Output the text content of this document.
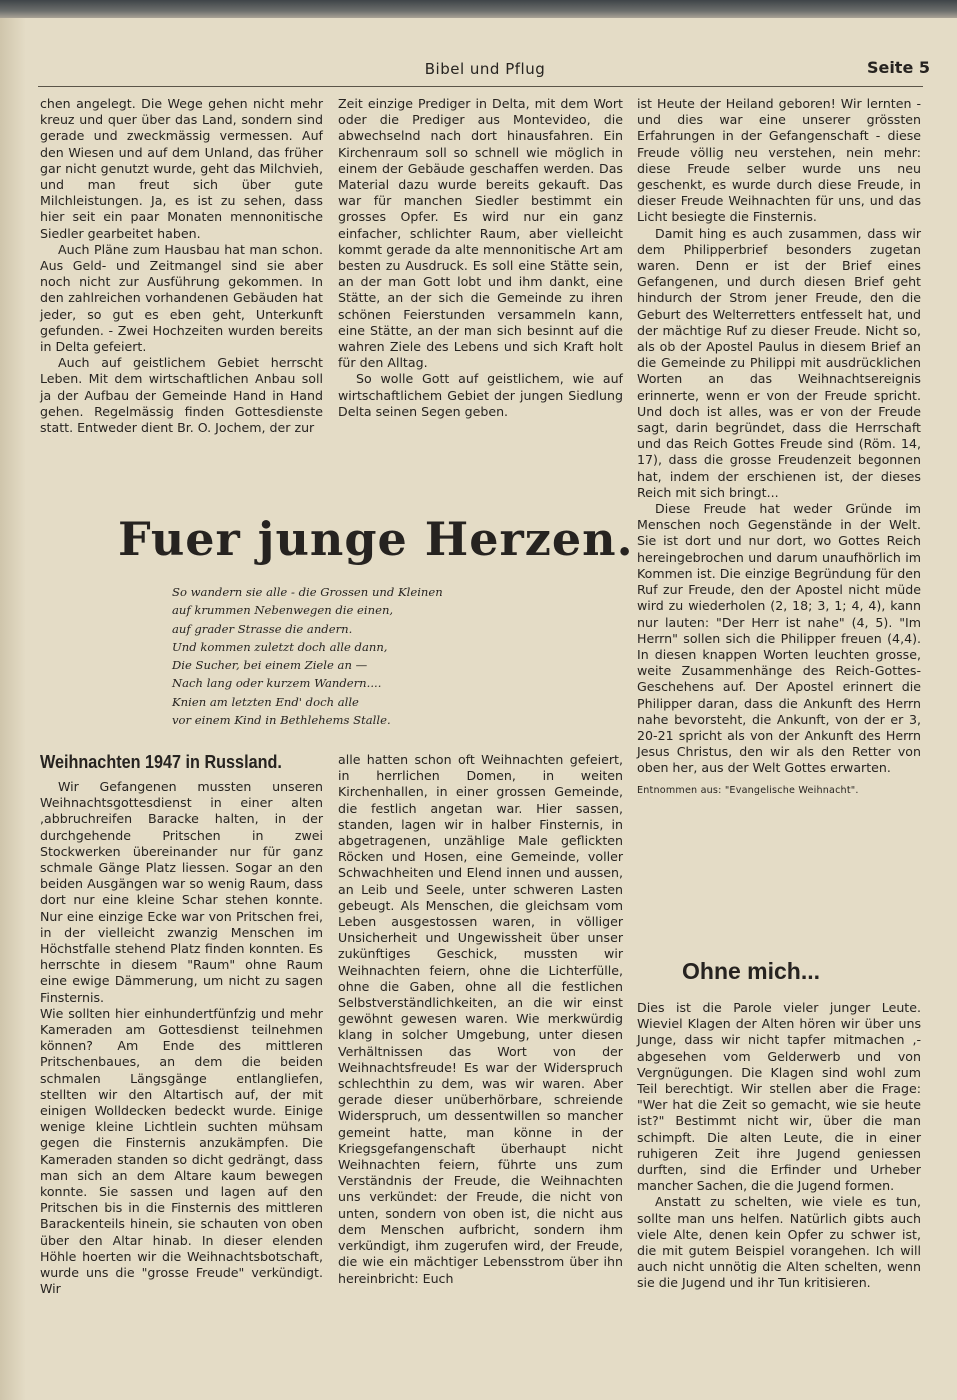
Bibel und Pflug	Seite 5

chen angelegt. Die Wege gehen nicht mehr kreuz und quer über das Land, sondern sind gerade und zweckmässig vermessen. Auf den Wiesen und auf dem Unland, das früher gar nicht genutzt wurde, geht das Milchvieh, und man freut sich über gute Milchleistungen. Ja, es ist zu sehen, dass hier seit ein paar Monaten mennonitische Siedler gearbeitet haben.

Auch Pläne zum Hausbau hat man schon. Aus Geld- und Zeitmangel sind sie aber noch nicht zur Ausführung gekommen. In den zahlreichen vorhandenen Gebäuden hat jeder, so gut es eben geht, Unterkunft gefunden. - Zwei Hochzeiten wurden bereits in Delta gefeiert.

Auch auf geistlichem Gebiet herrscht Leben. Mit dem wirtschaftlichen Anbau soll ja der Aufbau der Gemeinde Hand in Hand gehen. Regelmässig finden Gottesdienste statt. Entweder dient Br. O. Jochem, der zur

Zeit einzige Prediger in Delta, mit dem Wort oder die Prediger aus Montevideo, die abwechselnd nach dort hinausfahren. Ein Kirchenraum soll so schnell wie möglich in einem der Gebäude geschaffen werden. Das Material dazu wurde bereits gekauft. Das war für manchen Siedler bestimmt ein grosses Opfer. Es wird nur ein ganz einfacher, schlichter Raum, aber vielleicht kommt gerade da alte mennonitische Art am besten zu Ausdruck. Es soll eine Stätte sein, an der man Gott lobt und ihm dankt, eine Stätte, an der sich die Gemeinde zu ihren schönen Feierstunden versammeln kann, eine Stätte, an der man sich besinnt auf die wahren Ziele des Lebens und sich Kraft holt für den Alltag.

So wolle Gott auf geistlichem, wie auf wirtschaftlichem Gebiet der jungen Siedlung Delta seinen Segen geben.

ist Heute der Heiland geboren! Wir lernten - und dies war eine unserer grössten Erfahrungen in der Gefangenschaft - diese Freude völlig neu verstehen, nein mehr: diese Freude selber wurde uns neu geschenkt, es wurde durch diese Freude, in dieser Freude Weihnachten für uns, und das Licht besiegte die Finsternis.

Damit hing es auch zusammen, dass wir dem Philipperbrief besonders zugetan waren. Denn er ist der Brief eines Gefangenen, und durch diesen Brief geht hindurch der Strom jener Freude, den die Geburt des Welterretters entfesselt hat, und der mächtige Ruf zu dieser Freude. Nicht so, als ob der Apostel Paulus in diesem Brief an die Gemeinde zu Philippi mit ausdrücklichen Worten an das Weihnachtsereignis erinnerte, wenn er von der Freude spricht. Und doch ist alles, was er von der Freude sagt, darin begründet, dass die Herrschaft und das Reich Gottes Freude sind (Röm. 14, 17), dass die grosse Freudenzeit begonnen hat, indem der erschienen ist, der dieses Reich mit sich bringt...

Diese Freude hat weder Gründe im Menschen noch Gegenstände in der Welt. Sie ist dort und nur dort, wo Gottes Reich hereingebrochen und darum unaufhörlich im Kommen ist. Die einzige Begründung für den Ruf zur Freude, den der Apostel nicht müde wird zu wiederholen (2, 18; 3, 1; 4, 4), kann nur lauten: "Der Herr ist nahe" (4, 5). "Im Herrn" sollen sich die Philipper freuen (4,4). In diesen knappen Worten leuchten grosse, weite Zusammenhänge des Reich-Gottes-Geschehens auf. Der Apostel erinnert die Philipper daran, dass die Ankunft des Herrn nahe bevorsteht, die Ankunft, von der er 3, 20-21 spricht als von der Ankunft des Herrn Jesus Christus, den wir als den Retter von oben her, aus der Welt Gottes erwarten.

Entnommen aus: "Evangelische Weihnacht".
Fuer junge Herzen.
So wandern sie alle - die Grossen und Kleinen
auf krummen Nebenwegen die einen,
auf grader Strasse die andern.
Und kommen zuletzt doch alle dann,
Die Sucher, bei einem Ziele an —
Nach lang oder kurzem Wandern....
Knien am letzten End' doch alle
vor einem Kind in Bethlehems Stalle.
Weihnachten 1947 in Russland.

Wir Gefangenen mussten unseren Weihnachtsgottesdienst in einer alten ,abbruchreifen Baracke halten, in der durchgehende Pritschen in zwei Stockwerken übereinander nur für ganz schmale Gänge Platz liessen. Sogar an den beiden Ausgängen war so wenig Raum, dass dort nur eine kleine Schar stehen konnte. Nur eine einzige Ecke war von Pritschen frei, in der vielleicht zwanzig Menschen im Höchstfalle stehend Platz finden konnten. Es herrschte in diesem "Raum" ohne Raum eine ewige Dämmerung, um nicht zu sagen Finsternis.

Wie sollten hier einhundertfünfzig und mehr Kameraden am Gottesdienst teilnehmen können? Am Ende des mittleren Pritschenbaues, an dem die beiden schmalen Längsgänge entlangliefen, stellten wir den Altartisch auf, der mit einigen Wolldecken bedeckt wurde. Einige wenige kleine Lichtlein suchten mühsam gegen die Finsternis anzukämpfen. Die Kameraden standen so dicht gedrängt, dass man sich an dem Altare kaum bewegen konnte. Sie sassen und lagen auf den Pritschen bis in die Finsternis des mittleren Barackenteils hinein, sie schauten von oben über den Altar hinab. In dieser elenden Höhle hoerten wir die Weihnachtsbotschaft, wurde uns die "grosse Freude" verkündigt. Wir

alle hatten schon oft Weihnachten gefeiert, in herrlichen Domen, in weiten Kirchenhallen, in einer grossen Gemeinde, die festlich angetan war. Hier sassen, standen, lagen wir in halber Finsternis, in abgetragenen, unzählige Male geflickten Röcken und Hosen, eine Gemeinde, voller Schwachheiten und Elend innen und aussen, an Leib und Seele, unter schweren Lasten gebeugt. Als Menschen, die gleichsam vom Leben ausgestossen waren, in völliger Unsicherheit und Ungewissheit über unser zukünftiges Geschick, mussten wir Weihnachten feiern, ohne die Lichterfülle, ohne die Gaben, ohne all die festlichen Selbstverständlichkeiten, an die wir einst gewöhnt gewesen waren. Wie merkwürdig klang in solcher Umgebung, unter diesen Verhältnissen das Wort von der Weihnachtsfreude! Es war der Widerspruch schlechthin zu dem, was wir waren. Aber gerade dieser unüberhörbare, schreiende Widerspruch, um dessentwillen so mancher gemeint hatte, man könne in der Kriegsgefangenschaft überhaupt nicht Weihnachten feiern, führte uns zum Verständnis der Freude, die Weihnachten uns verkündet: der Freude, die nicht von unten, sondern von oben ist, die nicht aus dem Menschen aufbricht, sondern ihm verkündigt, ihm zugerufen wird, der Freude, die wie ein mächtiger Lebensstrom über ihn hereinbricht: Euch

Ohne mich...

Dies ist die Parole vieler junger Leute. Wieviel Klagen der Alten hören wir über uns Junge, dass wir nicht tapfer mitmachen ,- abgesehen vom Gelderwerb und von Vergnügungen. Die Klagen sind wohl zum Teil berechtigt. Wir stellen aber die Frage: "Wer hat die Zeit so gemacht, wie sie heute ist?" Bestimmt nicht wir, über die man schimpft. Die alten Leute, die in einer ruhigeren Zeit ihre Jugend geniessen durften, sind die Erfinder und Urheber mancher Sachen, die die Jugend formen.

Anstatt zu schelten, wie viele es tun, sollte man uns helfen. Natürlich gibts auch viele Alte, denen kein Opfer zu schwer ist, die mit gutem Beispiel vorangehen. Ich will auch nicht unnötig die Alten schelten, wenn sie die Jugend und ihr Tun kritisieren.
